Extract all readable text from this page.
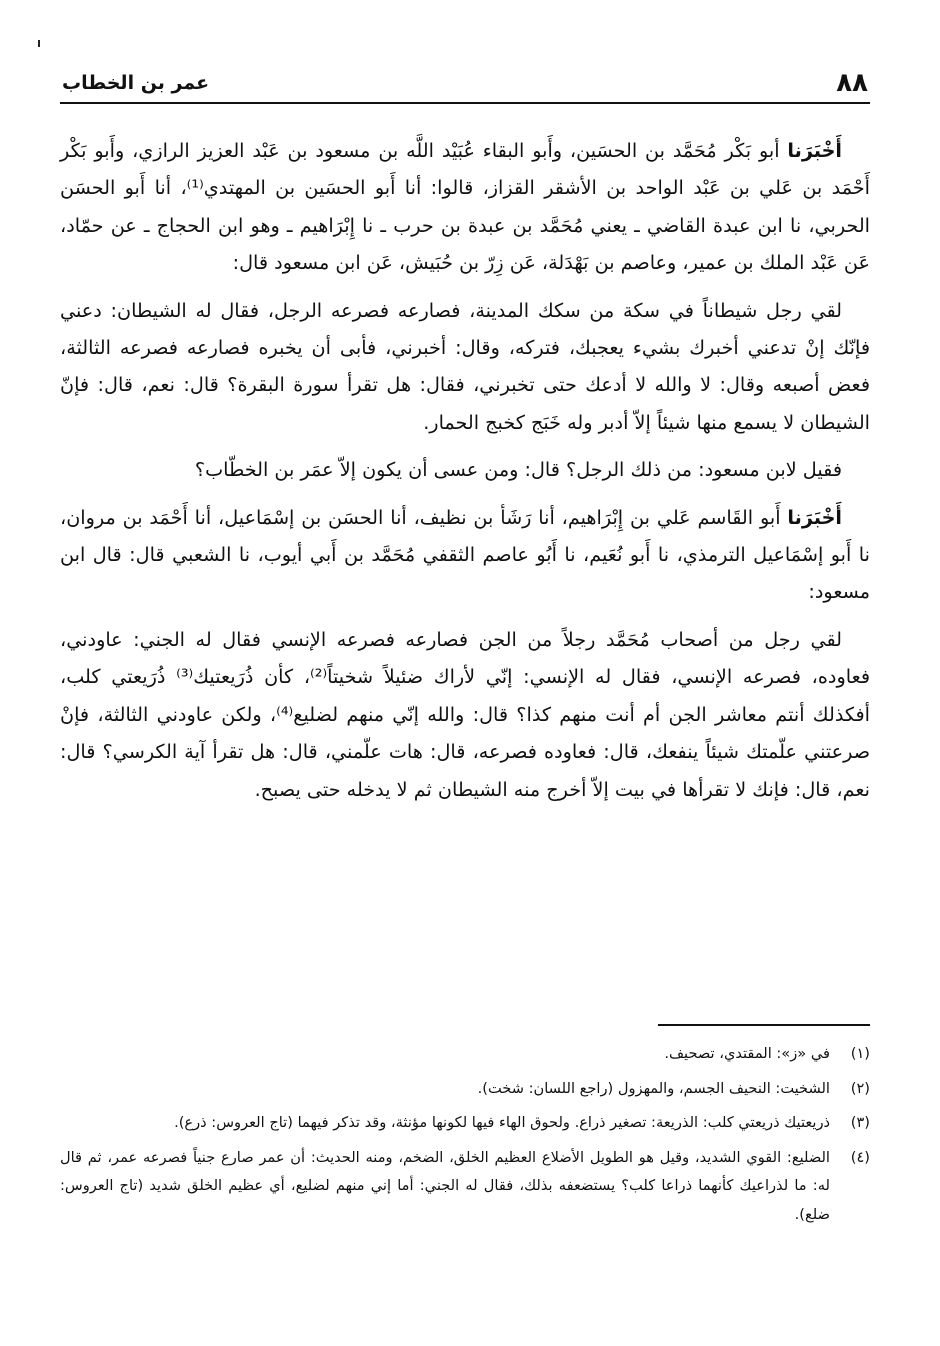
٨٨
عمر بن الخطاب

أَخْبَرَنا أبو بَكْر مُحَمَّد بن الحسَين، وأَبو البقاء عُبَيْد اللَّه بن مسعود بن عَبْد العزيز الرازي، وأَبو بَكْر أَحْمَد بن عَلي بن عَبْد الواحد بن الأشقر القزاز، قالوا: أنا أَبو الحسَين بن المهتدي⁽¹⁾، أنا أَبو الحسَن الحربي، نا ابن عبدة القاضي ـ يعني مُحَمَّد بن عبدة بن حرب ـ نا إِبْرَاهيم ـ وهو ابن الحجاج ـ عن حمّاد، عَن عَبْد الملك بن عمير، وعاصم بن بَهْدَلة، عَن زِرّ بن حُبَيش، عَن ابن مسعود قال:

لقي رجل شيطاناً في سكة من سكك المدينة، فصارعه فصرعه الرجل، فقال له الشيطان: دعني فإنّك إنْ تدعني أخبرك بشيء يعجبك، فتركه، وقال: أخبرني، فأبى أن يخبره فصارعه فصرعه الثالثة، فعض أصبعه وقال: لا والله لا أدعك حتى تخبرني، فقال: هل تقرأ سورة البقرة؟ قال: نعم، قال: فإنّ الشيطان لا يسمع منها شيئاً إلاّ أدبر وله خَبَج كخبج الحمار.

فقيل لابن مسعود: من ذلك الرجل؟ قال: ومن عسى أن يكون إلاّ عمَر بن الخطّاب؟

أَخْبَرَنا أَبو القَاسم عَلي بن إِبْرَاهيم، أنا رَشَأ بن نظيف، أنا الحسَن بن إسْمَاعيل، أنا أَحْمَد بن مروان، نا أَبو إسْمَاعيل الترمذي، نا أَبو نُعَيم، نا أَبُو عاصم الثقفي مُحَمَّد بن أَبي أيوب، نا الشعبي قال: قال ابن مسعود:

لقي رجل من أصحاب مُحَمَّد رجلاً من الجن فصارعه فصرعه الإنسي فقال له الجني: عاودني، فعاوده، فصرعه الإنسي، فقال له الإنسي: إنّي لأراك ضئيلاً شخيتاً⁽²⁾، كأن ذُرَيعتيك⁽³⁾ ذُرَيعتي كلب، أفكذلك أنتم معاشر الجن أم أنت منهم كذا؟ قال: والله إنّي منهم لضليع⁽⁴⁾، ولكن عاودني الثالثة، فإنْ صرعتني علّمتك شيئاً ينفعك، قال: فعاوده فصرعه، قال: هات علّمني، قال: هل تقرأ آية الكرسي؟ قال: نعم، قال: فإنك لا تقرأها في بيت إلاّ أخرج منه الشيطان ثم لا يدخله حتى يصبح.

(١)
في «ز»: المقتدي، تصحيف.
(٢)
الشخيت: النحيف الجسم، والمهزول (راجع اللسان: شخت).
(٣)
ذريعتيك ذريعتي كلب: الذريعة: تصغير ذراع. ولحوق الهاء فيها لكونها مؤنثة، وقد تذكر فيهما (تاج العروس: ذرع).
(٤)
الضليع: القوي الشديد، وقيل هو الطويل الأضلاع العظيم الخلق، الضخم، ومنه الحديث: أن عمر صارع جنياً فصرعه عمر، ثم قال له: ما لذراعيك كأنهما ذراعا كلب؟ يستضعفه بذلك، فقال له الجني: أما إني منهم لضليع، أي عظيم الخلق شديد (تاج العروس: ضلع).
